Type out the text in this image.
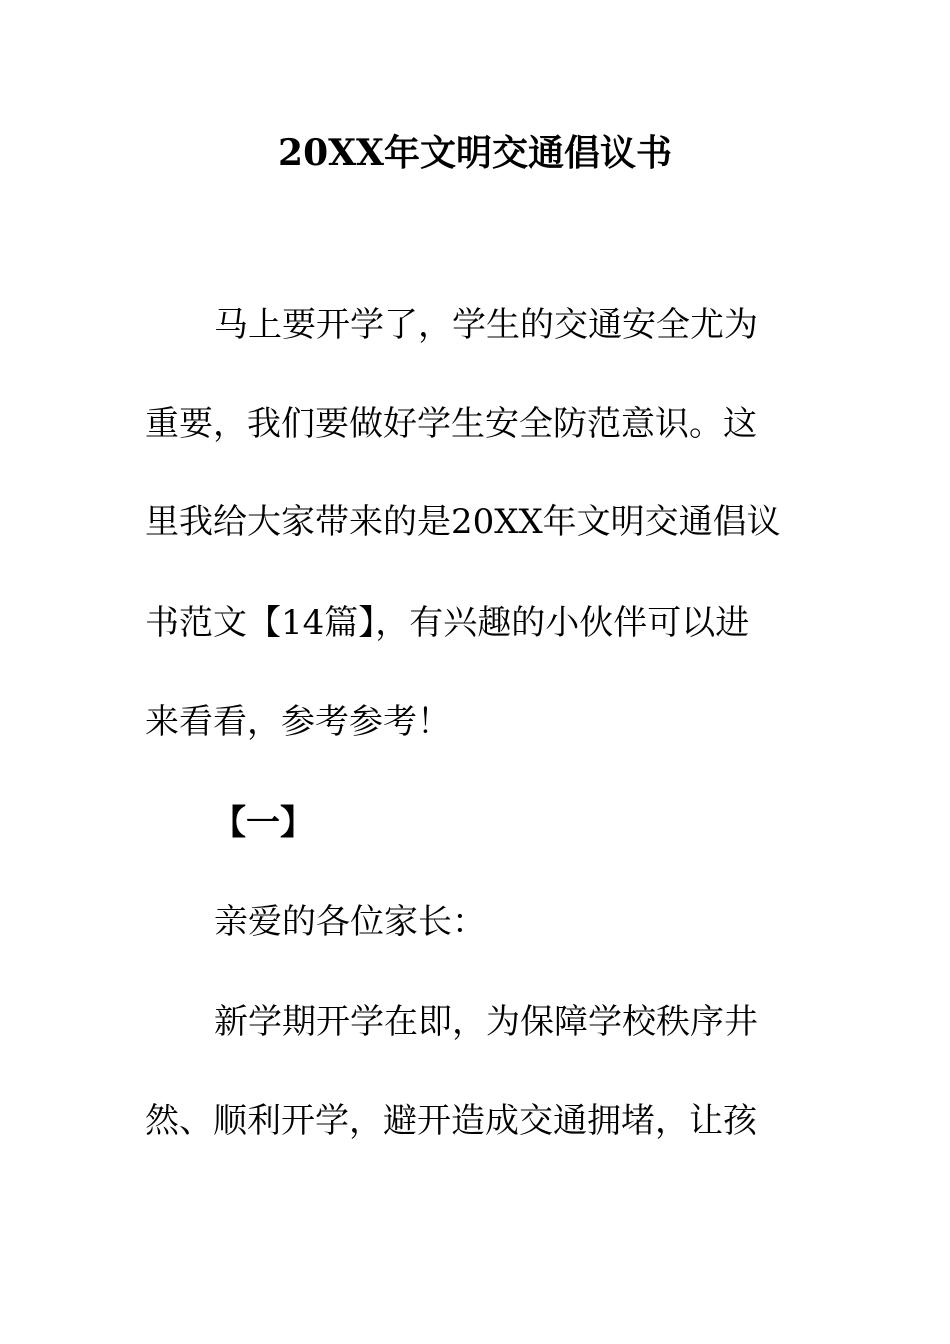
20XX年文明交通倡议书
马上要开学了，学生的交通安全尤为
重要，我们要做好学生安全防范意识。这
里我给大家带来的是20XX年文明交通倡议
书范文【14篇】，有兴趣的小伙伴可以进
来看看，参考参考！
【一】
亲爱的各位家长：
新学期开学在即，为保障学校秩序井
然、顺利开学，避开造成交通拥堵，让孩
